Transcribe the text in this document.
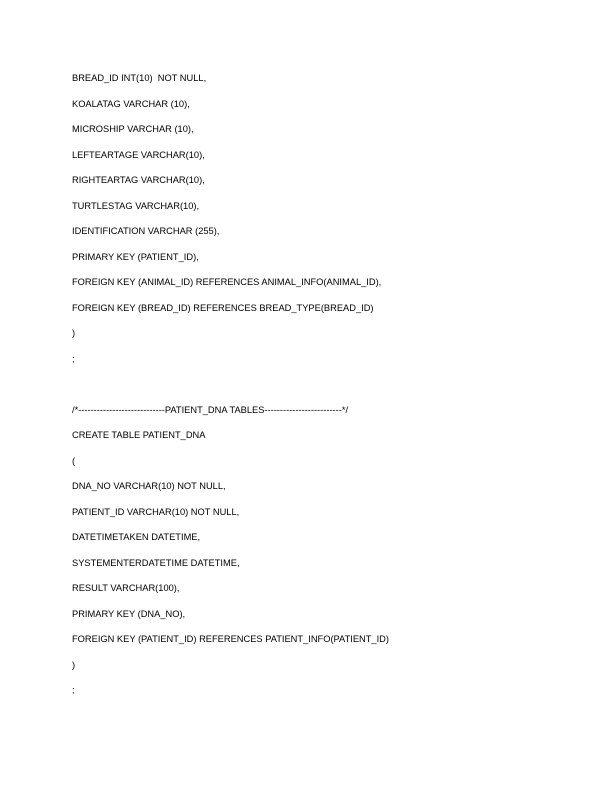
BREAD_ID INT(10)  NOT NULL,
KOALATAG VARCHAR (10),
MICROSHIP VARCHAR (10),
LEFTEARTAGE VARCHAR(10),
RIGHTEARTAG VARCHAR(10),
TURTLESTAG VARCHAR(10),
IDENTIFICATION VARCHAR (255),
PRIMARY KEY (PATIENT_ID),
FOREIGN KEY (ANIMAL_ID) REFERENCES ANIMAL_INFO(ANIMAL_ID),
FOREIGN KEY (BREAD_ID) REFERENCES BREAD_TYPE(BREAD_ID)
)
;
/*----------------------------PATIENT_DNA TABLES-------------------------*/
CREATE TABLE PATIENT_DNA
(
DNA_NO VARCHAR(10) NOT NULL,
PATIENT_ID VARCHAR(10) NOT NULL,
DATETIMETAKEN DATETIME,
SYSTEMENTERDATETIME DATETIME,
RESULT VARCHAR(100),
PRIMARY KEY (DNA_NO),
FOREIGN KEY (PATIENT_ID) REFERENCES PATIENT_INFO(PATIENT_ID)
)
;
